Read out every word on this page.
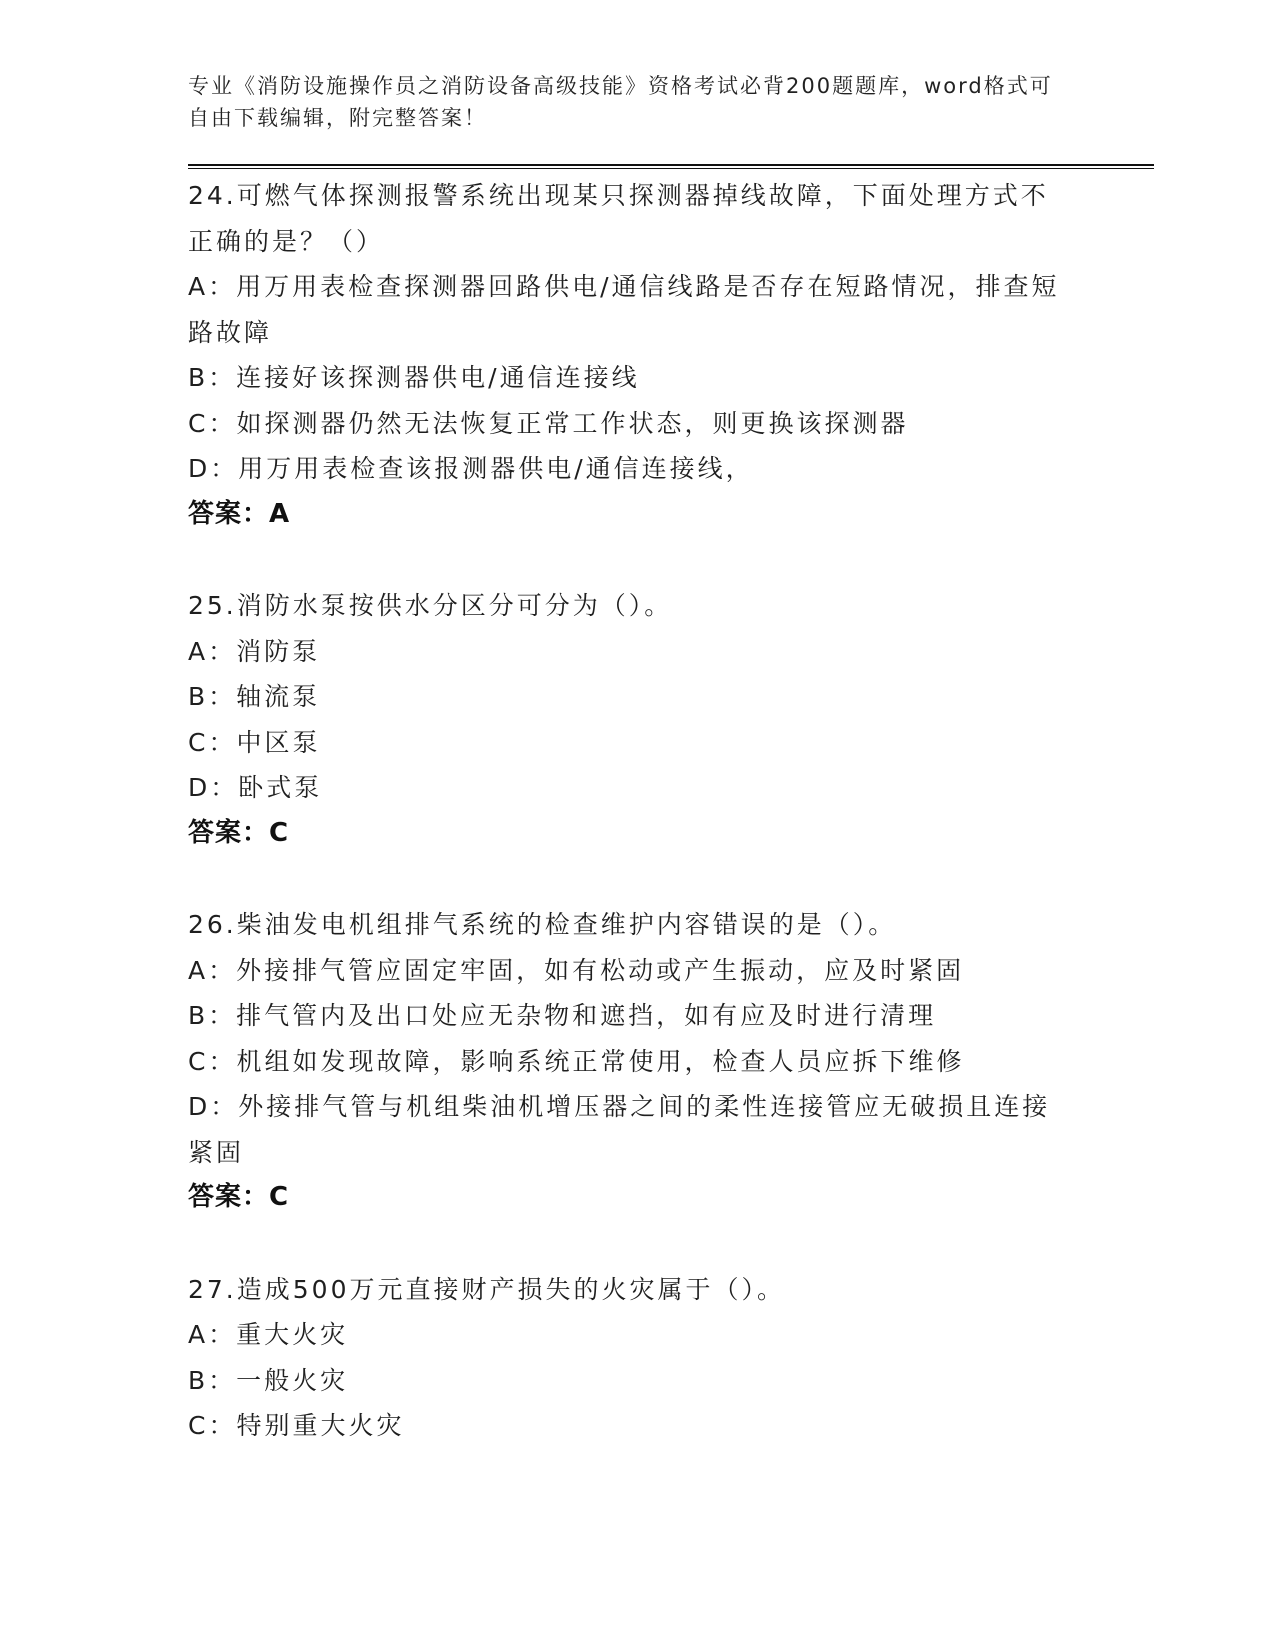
专业《消防设施操作员之消防设备高级技能》资格考试必背200题题库，word格式可自由下载编辑，附完整答案！
24.可燃气体探测报警系统出现某只探测器掉线故障，下面处理方式不正确的是？（）
A：用万用表检查探测器回路供电/通信线路是否存在短路情况，排查短路故障
B：连接好该探测器供电/通信连接线
C：如探测器仍然无法恢复正常工作状态，则更换该探测器
D：用万用表检查该报测器供电/通信连接线，
答案：A
25.消防水泵按供水分区分可分为（）。
A：消防泵
B：轴流泵
C：中区泵
D：卧式泵
答案：C
26.柴油发电机组排气系统的检查维护内容错误的是（）。
A：外接排气管应固定牢固，如有松动或产生振动，应及时紧固
B：排气管内及出口处应无杂物和遮挡，如有应及时进行清理
C：机组如发现故障，影响系统正常使用，检查人员应拆下维修
D：外接排气管与机组柴油机增压器之间的柔性连接管应无破损且连接紧固
答案：C
27.造成500万元直接财产损失的火灾属于（）。
A：重大火灾
B：一般火灾
C：特别重大火灾
